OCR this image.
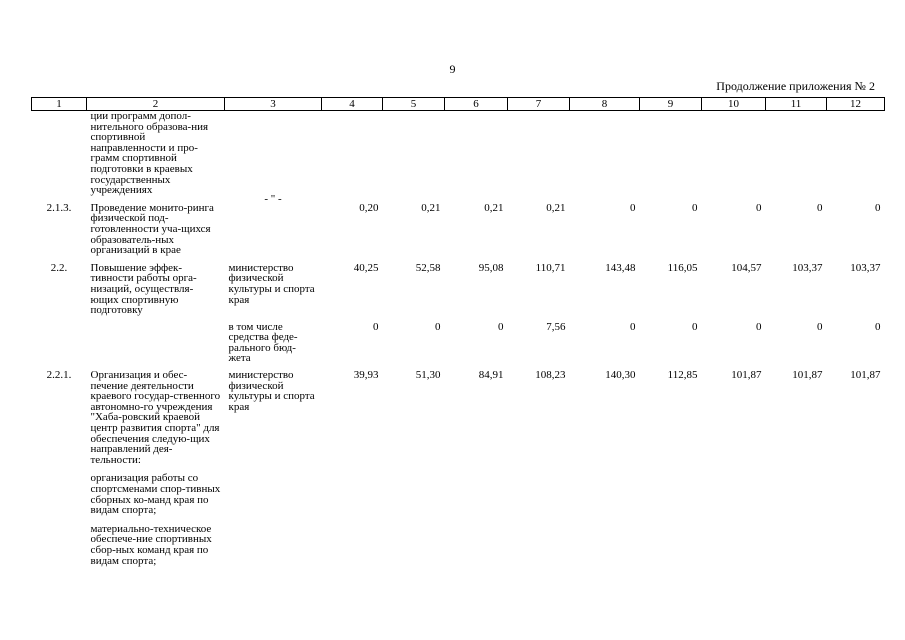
9
Продолжение приложения № 2
1	2	3	4	5	6	7	8	9	10	11	12
	ции программ допол-нительного образова-ния спортивной направленности и про-грамм спортивной подготовки в краевых государственных учреждениях										

2.1.3.	Проведение монито-ринга физической под-готовленности уча-щихся образователь-ных организаций в крае	- " -	0,20	0,21	0,21	0,21	0	0	0	0	0

2.2.	Повышение эффек-тивности работы орга-низаций, осуществля-ющих спортивную подготовку	министерство физической культуры и спорта края	40,25	52,58	95,08	110,71	143,48	116,05	104,57	103,37	103,37

		в том числе средства феде-рального бюд-жета	0	0	0	7,56	0	0	0	0	0

2.2.1.	Организация и обес-печение деятельности краевого государ-ственного автономно-го учреждения "Хаба-ровский краевой центр развития спорта" для обеспечения следую-щих направлений дея-тельности:	министерство физической культуры и спорта края	39,93	51,30	84,91	108,23	140,30	112,85	101,87	101,87	101,87

	организация работы со спортсменами спор-тивных сборных ко-манд края по видам спорта;										

	материально-техническое обеспече-ние спортивных сбор-ных команд края по видам спорта;										
